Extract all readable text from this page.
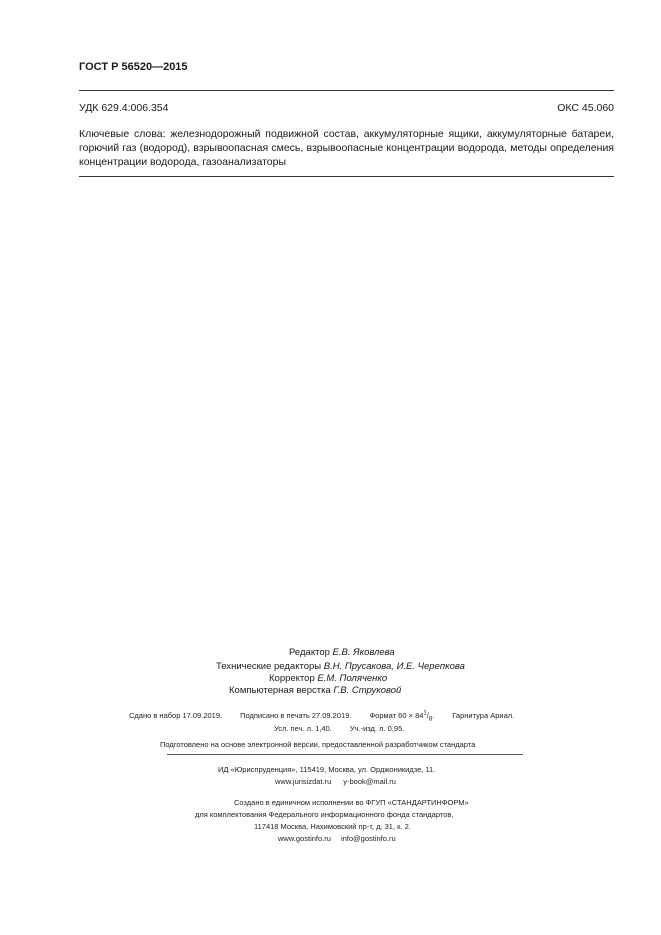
ГОСТ Р 56520—2015
УДК 629.4:006.354	ОКС 45.060
Ключевые слова: железнодорожный подвижной состав, аккумуляторные ящики, аккумуляторные батареи, горючий газ (водород), взрывоопасная смесь, взрывоопасные концентрации водорода, методы определения концентрации водорода, газоанализаторы
Редактор Е.В. Яковлева
Технические редакторы В.Н. Прусакова, И.Е. Черепкова
Корректор Е.М. Поляченко
Компьютерная верстка Г.В. Струковой
Сдано в набор 17.09.2019. Подписано в печать 27.09.2019. Формат $60 \times 84^1/_8$. Гарнитура Ариал.
Усл. печ. л. 1,40. Уч.-изд. л. 0,95.
Подготовлено на основе электронной версии, предоставленной разработчиком стандарта
ИД «Юриспруденция», 115419, Москва, ул. Орджоникидзе, 11.
www.jurisizdat.ru y-book@mail.ru
Создано в единичном исполнении во ФГУП «СТАНДАРТИНФОРМ»
для комплектования Федерального информационного фонда стандартов,
117418 Москва, Нахимовский пр-т, д. 31, к. 2.
www.gostinfo.ru info@gostinfo.ru
